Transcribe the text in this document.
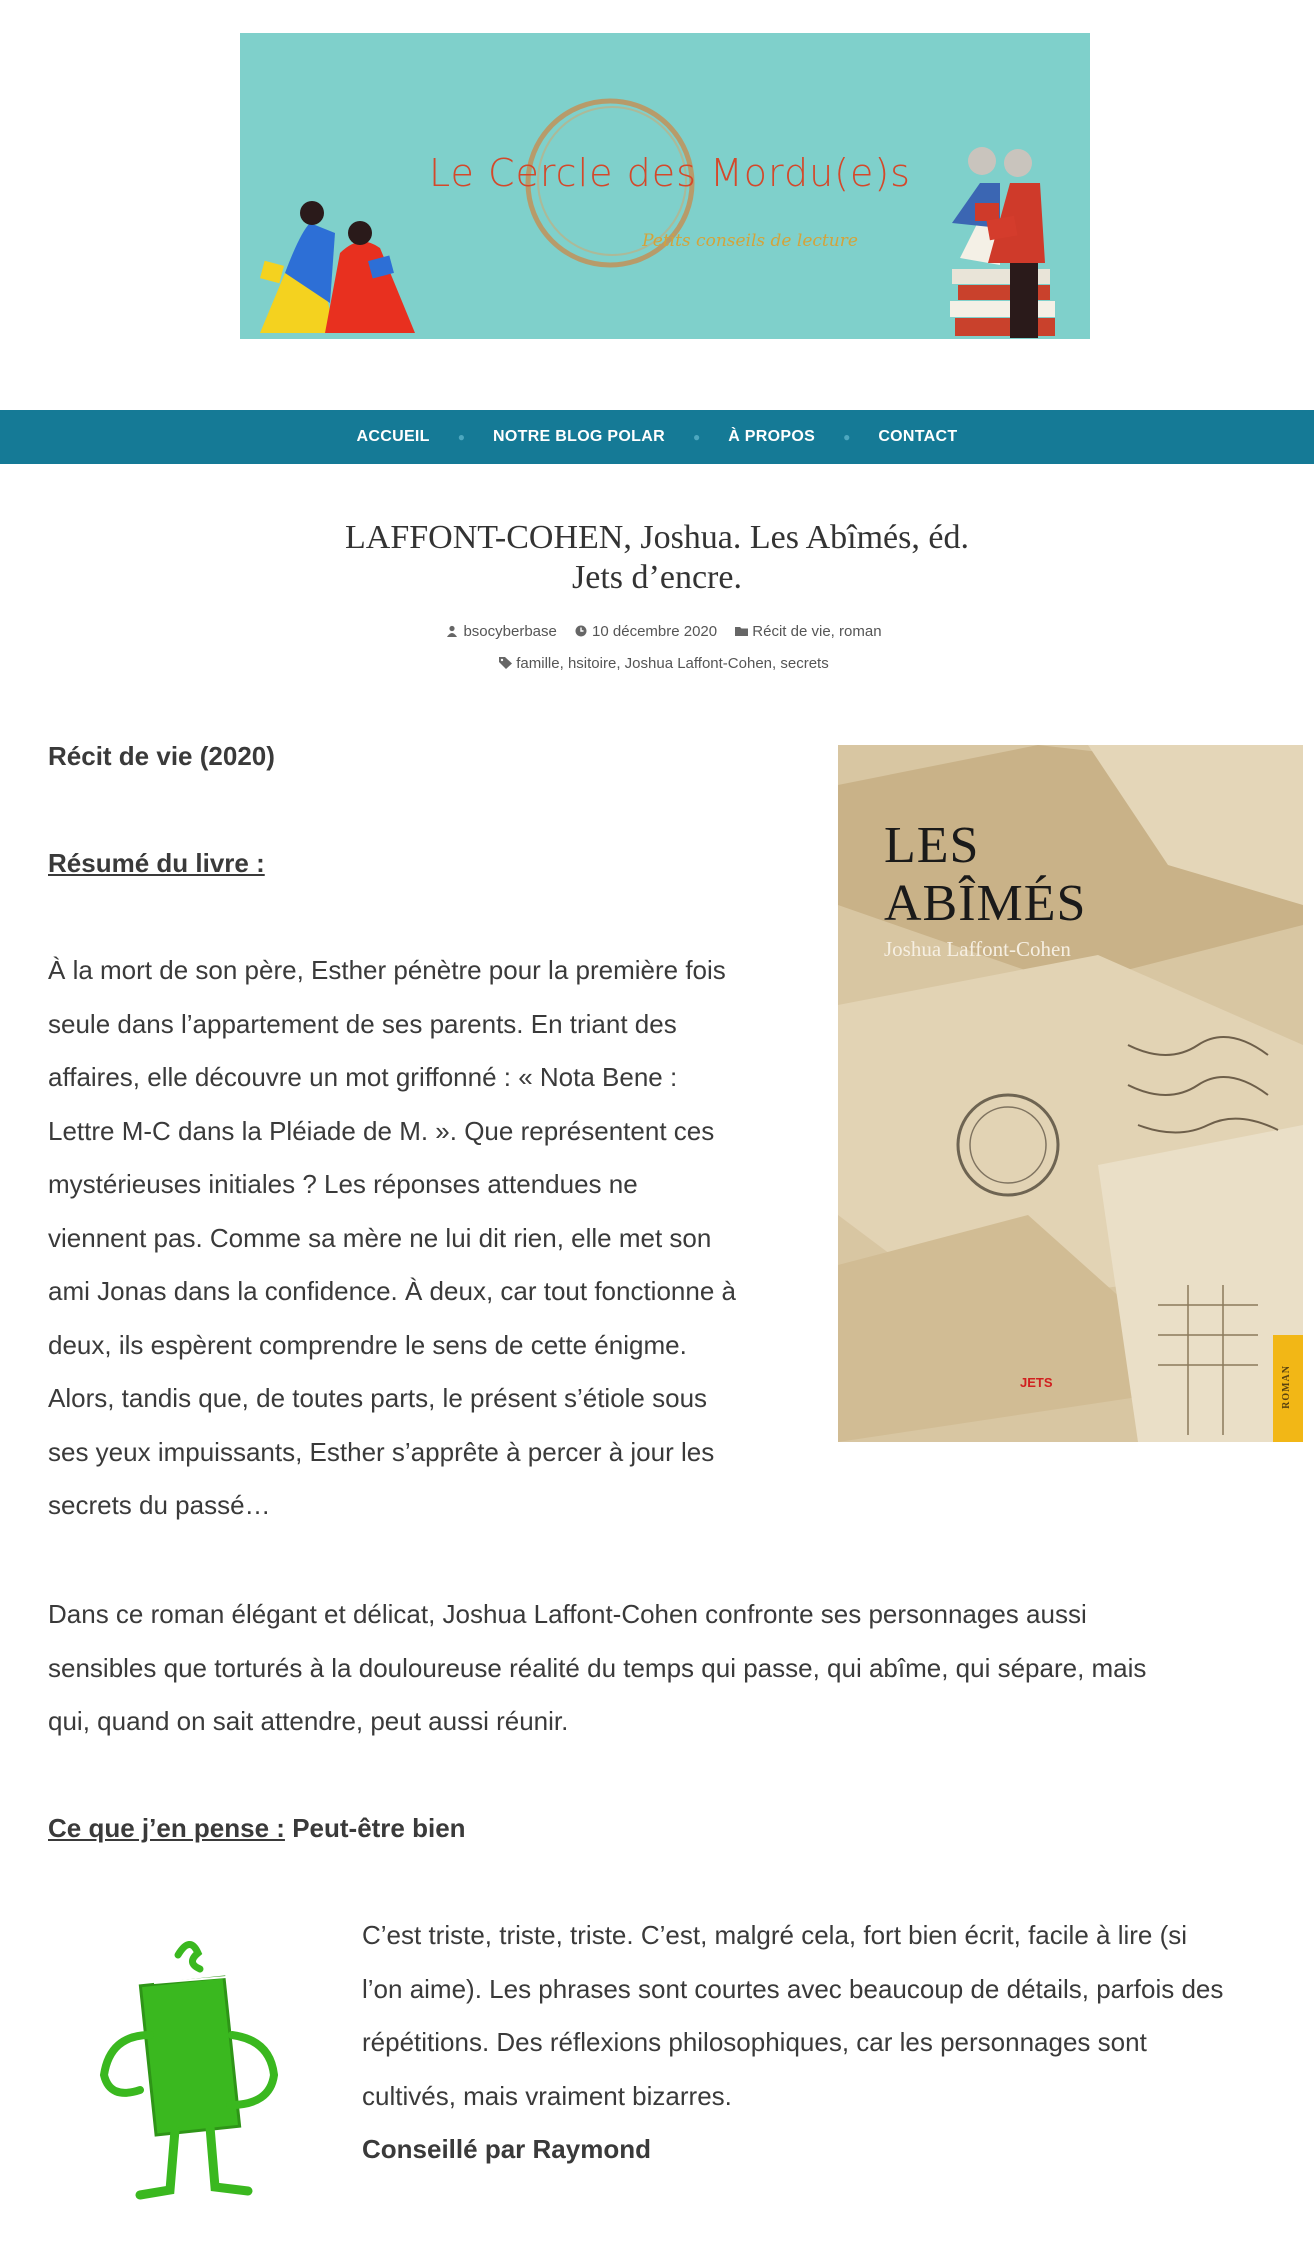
Le Cercle des Mordu(e)s
Petits conseils de lecture
ACCUEIL ● NOTRE BLOG POLAR ● À PROPOS ● CONTACT
LAFFONT-COHEN, Joshua. Les Abîmés, éd.
Jets d’encre.
bsocyberbase 10 décembre 2020 Récit de vie, roman
famille, hsitoire, Joshua Laffont-Cohen, secrets

Récit de vie (2020)

Résumé du livre :

À la mort de son père, Esther pénètre pour la première fois

seule dans l’appartement de ses parents. En triant des

affaires, elle découvre un mot griffonné : « Nota Bene :

Lettre M-C dans la Pléiade de M. ». Que représentent ces

mystérieuses initiales ? Les réponses attendues ne

viennent pas. Comme sa mère ne lui dit rien, elle met son

ami Jonas dans la confidence. À deux, car tout fonctionne à

deux, ils espèrent comprendre le sens de cette énigme.

Alors, tandis que, de toutes parts, le présent s’étiole sous

ses yeux impuissants, Esther s’apprête à percer à jour les

secrets du passé…

LES
ABÎMÉS
Joshua Laffont-Cohen
JETS	ROMAN

Dans ce roman élégant et délicat, Joshua Laffont-Cohen confronte ses personnages aussi

sensibles que torturés à la douloureuse réalité du temps qui passe, qui abîme, qui sépare, mais

qui, quand on sait attendre, peut aussi réunir.

Ce que j’en pense : Peut-être bien

C’est triste, triste, triste. C’est, malgré cela, fort bien écrit, facile à lire (si

l’on aime). Les phrases sont courtes avec beaucoup de détails, parfois des

répétitions. Des réflexions philosophiques, car les personnages sont

cultivés, mais vraiment bizarres.

Conseillé par Raymond
